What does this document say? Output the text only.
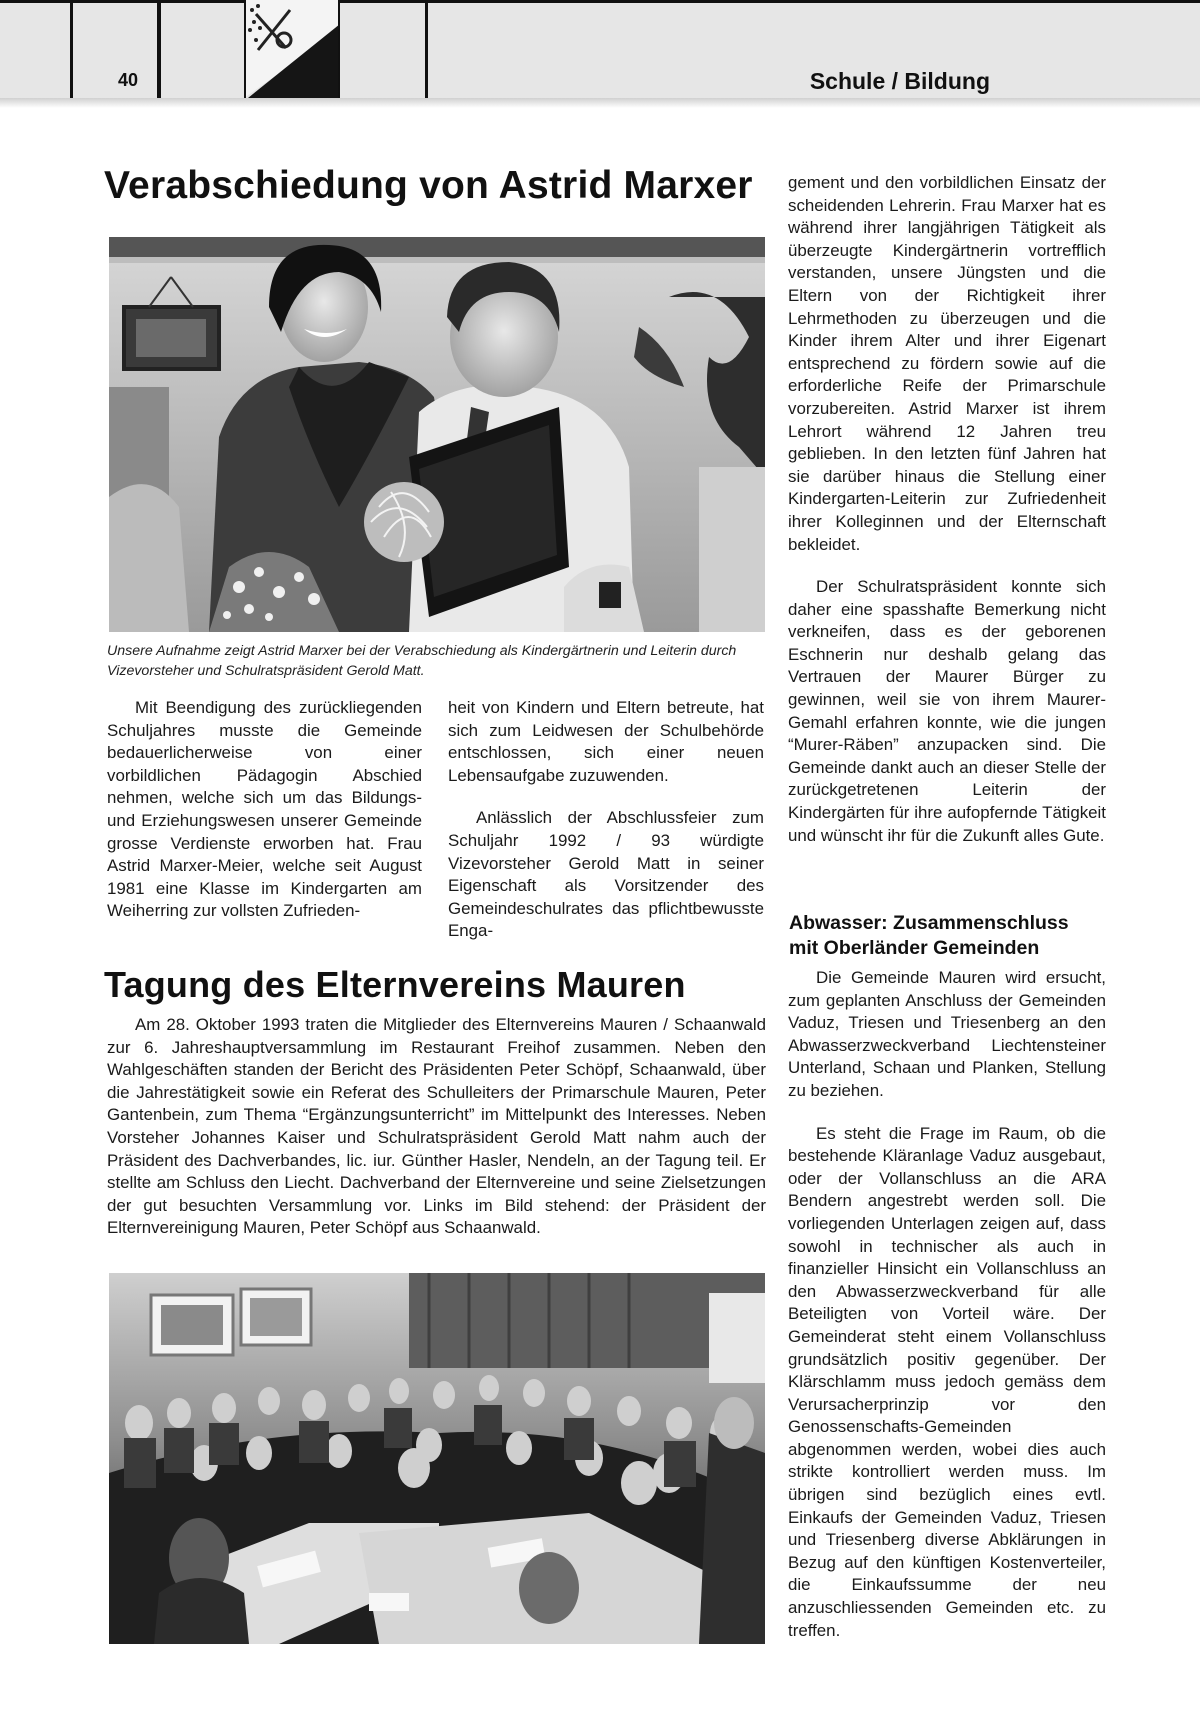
40	Schule / Bildung
Verabschiedung von Astrid Marxer
Unsere Aufnahme zeigt Astrid Marxer bei der Verabschiedung als Kindergärtnerin und Leiterin durch Vizevorsteher und Schulratspräsident Gerold Matt.

Mit Beendigung des zurückliegenden Schuljahres musste die Gemeinde bedauerlicherweise von einer vorbildlichen Pädagogin Abschied nehmen, welche sich um das Bildungs- und Erziehungswesen unserer Gemeinde grosse Verdienste erworben hat. Frau Astrid Marxer-Meier, welche seit August 1981 eine Klasse im Kindergarten am Weiherring zur vollsten Zufrieden-

heit von Kindern und Eltern betreute, hat sich zum Leidwesen der Schulbehörde entschlossen, sich einer neuen Lebensaufgabe zuzuwenden.

Anlässlich der Abschlussfeier zum Schuljahr 1992 / 93 würdigte Vizevorsteher Gerold Matt in seiner Eigenschaft als Vorsitzender des Gemeindeschulrates das pflichtbewusste Enga-

gement und den vorbildlichen Einsatz der scheidenden Lehrerin. Frau Marxer hat es während ihrer langjährigen Tätigkeit als überzeugte Kindergärtnerin vortrefflich verstanden, unsere Jüngsten und die Eltern von der Richtigkeit ihrer Lehrmethoden zu überzeugen und die Kinder ihrem Alter und ihrer Eigenart entsprechend zu fördern sowie auf die erforderliche Reife der Primarschule vorzubereiten. Astrid Marxer ist ihrem Lehrort während 12 Jahren treu geblieben. In den letzten fünf Jahren hat sie darüber hinaus die Stellung einer Kindergarten-Leiterin zur Zufriedenheit ihrer Kolleginnen und der Elternschaft bekleidet.

Der Schulratspräsident konnte sich daher eine spasshafte Bemerkung nicht verkneifen, dass es der geborenen Eschnerin nur deshalb gelang das Vertrauen der Maurer Bürger zu gewinnen, weil sie von ihrem Maurer-Gemahl erfahren konnte, wie die jungen “Murer-Räben” anzupacken sind. Die Gemeinde dankt auch an dieser Stelle der zurückgetretenen Leiterin der Kindergärten für ihre aufopfernde Tätigkeit und wünscht ihr für die Zukunft alles Gute.

Abwasser: Zusammenschluss mit Oberländer Gemeinden

Die Gemeinde Mauren wird ersucht, zum geplanten Anschluss der Gemeinden Vaduz, Triesen und Triesenberg an den Abwasserzweckverband Liechtensteiner Unterland, Schaan und Planken, Stellung zu beziehen.

Es steht die Frage im Raum, ob die bestehende Kläranlage Vaduz ausgebaut, oder der Vollanschluss an die ARA Bendern angestrebt werden soll. Die vorliegenden Unterlagen zeigen auf, dass sowohl in technischer als auch in finanzieller Hinsicht ein Vollanschluss an den Abwasserzweckverband für alle Beteiligten von Vorteil wäre. Der Gemeinderat steht einem Vollanschluss grundsätzlich positiv gegenüber. Der Klärschlamm muss jedoch gemäss dem Verursacherprinzip vor den Genossenschafts-Gemeinden abgenommen werden, wobei dies auch strikte kontrolliert werden muss. Im übrigen sind bezüglich eines evtl. Einkaufs der Gemeinden Vaduz, Triesen und Triesenberg diverse Abklärungen in Bezug auf den künftigen Kostenverteiler, die Einkaufssumme der neu anzuschliessenden Gemeinden etc. zu treffen.

Tagung des Elternvereins Mauren

Am 28. Oktober 1993 traten die Mitglieder des Elternvereins Mauren / Schaanwald zur 6. Jahreshauptversammlung im Restaurant Freihof zusammen. Neben den Wahlgeschäften standen der Bericht des Präsidenten Peter Schöpf, Schaanwald, über die Jahrestätigkeit sowie ein Referat des Schulleiters der Primarschule Mauren, Peter Gantenbein, zum Thema “Ergänzungsunterricht” im Mittelpunkt des Interesses. Neben Vorsteher Johannes Kaiser und Schulratspräsident Gerold Matt nahm auch der Präsident des Dachverbandes, lic. iur. Günther Hasler, Nendeln, an der Tagung teil. Er stellte am Schluss den Liecht. Dachverband der Elternvereine und seine Zielsetzungen der gut besuchten Versammlung vor. Links im Bild stehend: der Präsident der Elternvereinigung Mauren, Peter Schöpf aus Schaanwald.
